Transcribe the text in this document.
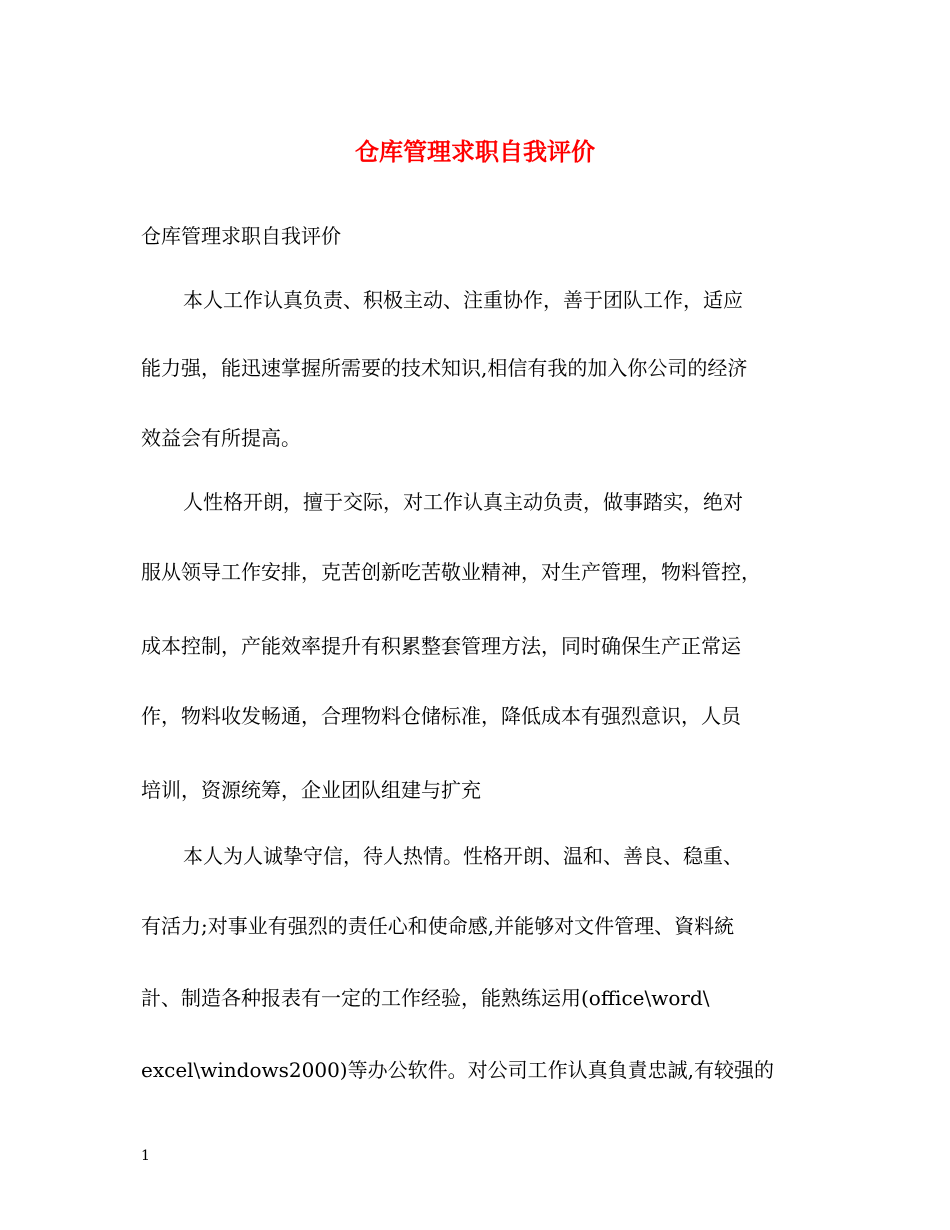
仓库管理求职自我评价
仓库管理求职自我评价
本人工作认真负责、积极主动、注重协作，善于团队工作，适应
能力强，能迅速掌握所需要的技术知识,相信有我的加入你公司的经济
效益会有所提高。
人性格开朗，擅于交际，对工作认真主动负责，做事踏实，绝对
服从领导工作安排，克苦创新吃苦敬业精神，对生产管理，物料管控，
成本控制，产能效率提升有积累整套管理方法，同时确保生产正常运
作，物料收发畅通，合理物料仓储标准，降低成本有强烈意识，人员
培训，资源统筹，企业团队组建与扩充
本人为人诚挚守信，待人热情。性格开朗、温和、善良、稳重、
有活力;对事业有强烈的责任心和使命感,并能够对文件管理、資料統
計、制造各种报表有一定的工作经验，能熟练运用(office\word\
excel\windows2000)等办公软件。对公司工作认真負責忠誠,有较强的
1
